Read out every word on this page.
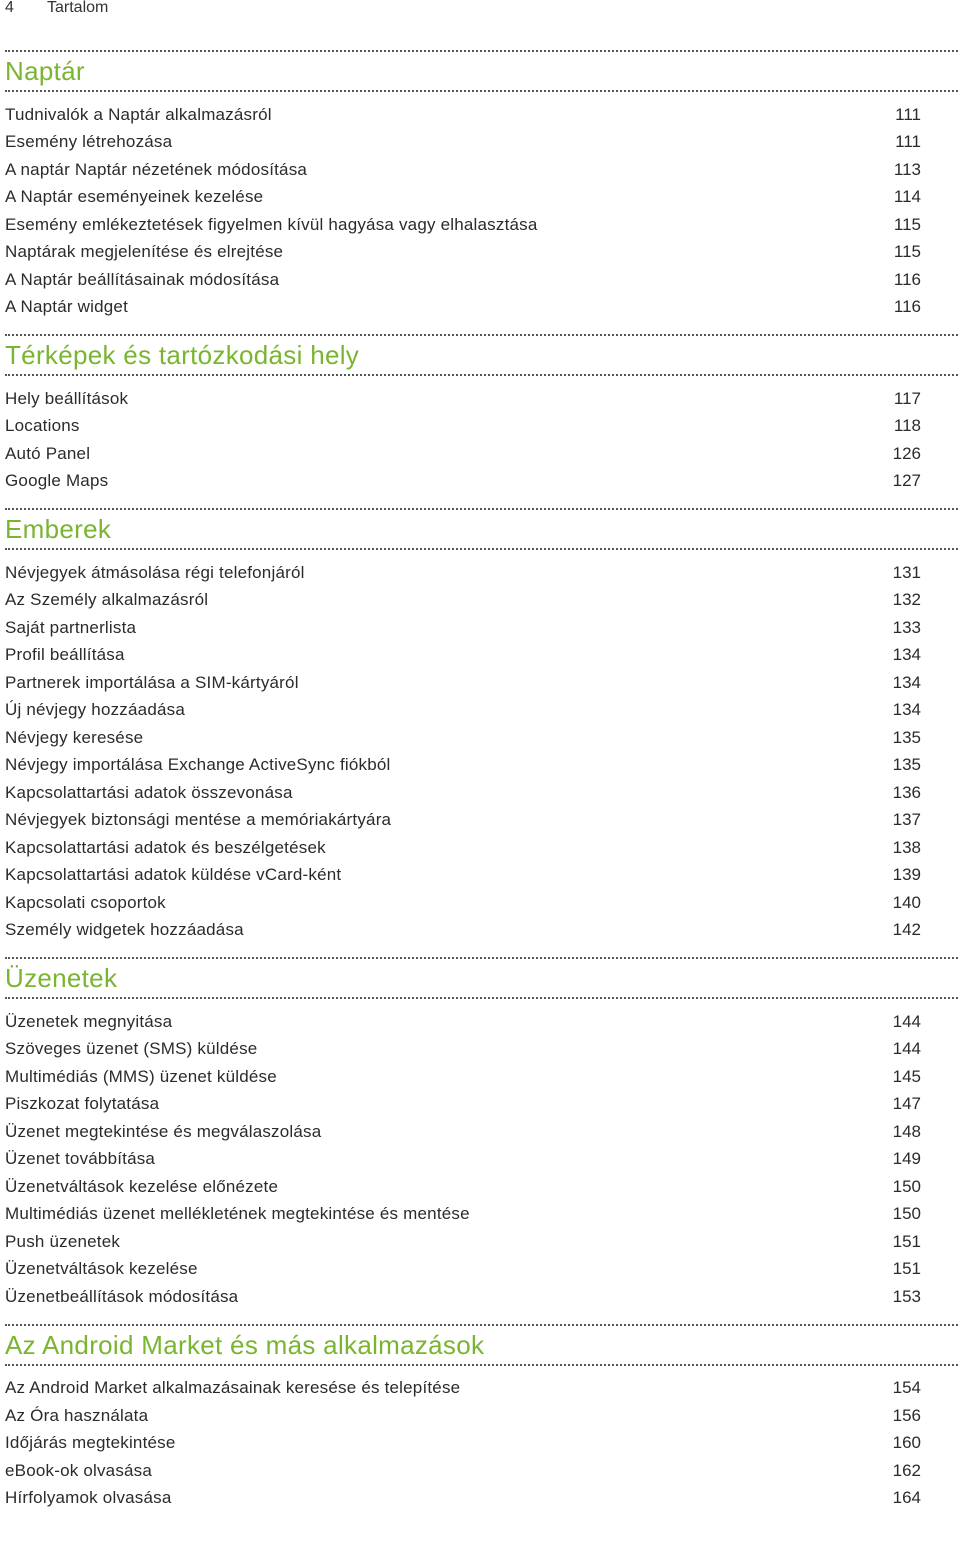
4 Tartalom
Naptár
Tudnivalók a Naptár alkalmazásról	111
Esemény létrehozása	111
A naptár Naptár nézetének módosítása	113
A Naptár eseményeinek kezelése	114
Esemény emlékeztetések figyelmen kívül hagyása vagy elhalasztása	115
Naptárak megjelenítése és elrejtése	115
A Naptár beállításainak módosítása	116
A Naptár widget	116
Térképek és tartózkodási hely
Hely beállítások	117
Locations	118
Autó Panel	126
Google Maps	127
Emberek
Névjegyek átmásolása régi telefonjáról	131
Az Személy alkalmazásról	132
Saját partnerlista	133
Profil beállítása	134
Partnerek importálása a SIM-kártyáról	134
Új névjegy hozzáadása	134
Névjegy keresése	135
Névjegy importálása Exchange ActiveSync fiókból	135
Kapcsolattartási adatok összevonása	136
Névjegyek biztonsági mentése a memóriakártyára	137
Kapcsolattartási adatok és beszélgetések	138
Kapcsolattartási adatok küldése vCard-ként	139
Kapcsolati csoportok	140
Személy widgetek hozzáadása	142
Üzenetek
Üzenetek megnyitása	144
Szöveges üzenet (SMS) küldése	144
Multimédiás (MMS) üzenet küldése	145
Piszkozat folytatása	147
Üzenet megtekintése és megválaszolása	148
Üzenet továbbítása	149
Üzenetváltások kezelése előnézete	150
Multimédiás üzenet mellékletének megtekintése és mentése	150
Push üzenetek	151
Üzenetváltások kezelése	151
Üzenetbeállítások módosítása	153
Az Android Market és más alkalmazások
Az Android Market alkalmazásainak keresése és telepítése	154
Az Óra használata	156
Időjárás megtekintése	160
eBook-ok olvasása	162
Hírfolyamok olvasása	164
